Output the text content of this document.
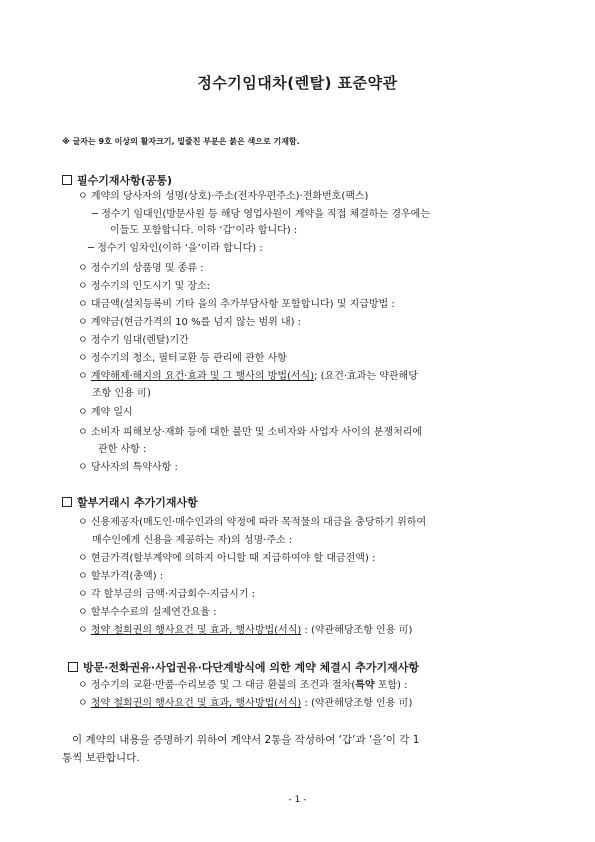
정수기임대차(렌탈) 표준약관
※ 글자는 9호 이상의 활자크기, 밑줄친 부분은 붉은 색으로 기재함.
필수기재사항(공통)
ㅇ 계약의 당사자의 성명(상호)·주소(전자우편주소)·전화번호(팩스)
─ 정수기 임대인(방문사원 등 해당 영업사원이 계약을 직접 체결하는 경우에는
이들도 포함합니다. 이하 ‘갑’이라 합니다) :
─ 정수기 임차인(이하 ‘을’이라 합니다) :
ㅇ 정수기의 상품명 및 종류 :
ㅇ 정수기의 인도시기 및 장소:
ㅇ 대금액(설치등록비 기타 을의 추가부담사항 포함합니다) 및 지급방법 :
ㅇ 계약금(현금가격의 10 %를 넘지 않는 범위 내) :
ㅇ 정수기 임대(렌탈)기간
ㅇ 정수기의 청소, 필터교환 등 관리에 관한 사항
ㅇ 계약해제·해지의 요건·효과 및 그 행사의 방법(서식); (요건·효과는 약관해당
조항 인용 可)
ㅇ 계약 일시
ㅇ 소비자 피해보상·재화 등에 대한 불만 및 소비자와 사업자 사이의 분쟁처리에
관한 사항 :
ㅇ 당사자의 특약사항 :
할부거래시 추가기재사항
ㅇ 신용제공자(매도인·매수인과의 약정에 따라 목적물의 대금을 충당하기 위하여
매수인에게 신용을 제공하는 자)의 성명·주소 :
ㅇ 현금가격(할부계약에 의하지 아니할 때 지급하여야 할 대금전액) :
ㅇ 할부가격(총액) :
ㅇ 각 할부금의 금액·지급회수·지급시기 :
ㅇ 할부수수료의 실제연간요율 :
ㅇ 청약 철회권의 행사요건 및 효과, 행사방법(서식) : (약관해당조항 인용 可)
방문·전화권유·사업권유·다단계방식에 의한 계약 체결시 추가기재사항
ㅇ 정수기의 교환·반품·수리보증 및 그 대금 환불의 조건과 절차(특약 포함) :
ㅇ 청약 철회권의 행사요건 및 효과, 행사방법(서식) : (약관해당조항 인용 可)
이 계약의 내용을 증명하기 위하여 계약서 2통을 작성하여 ‘갑’과 ‘을’이 각 1
통씩 보관합니다.
- 1 -
